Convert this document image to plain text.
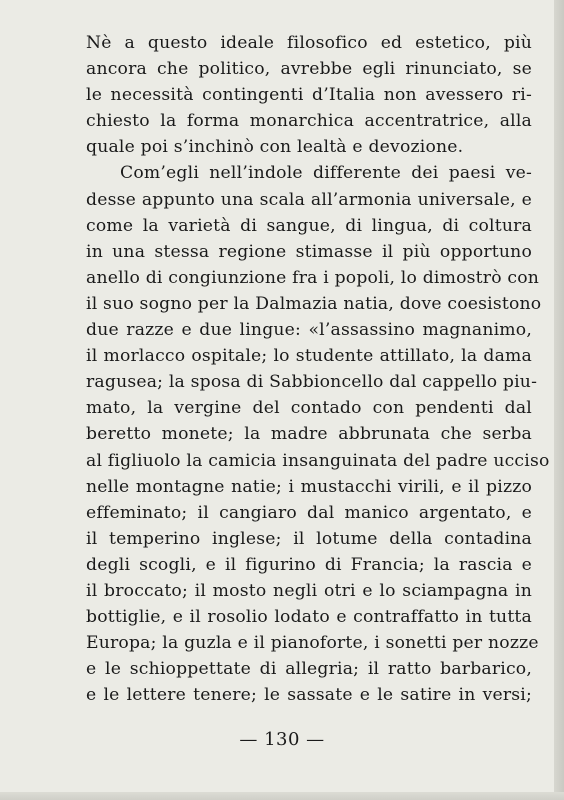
Nè a questo ideale filosofico ed estetico, più
ancora che politico, avrebbe egli rinunciato, se
le necessità contingenti d’Italia non avessero ri-
chiesto la forma monarchica accentratrice, alla
quale poi s’inchinò con lealtà e devozione.
Com’egli nell’indole differente dei paesi ve-
desse appunto una scala all’armonia universale, e
come la varietà di sangue, di lingua, di coltura
in una stessa regione stimasse il più opportuno
anello di congiunzione fra i popoli, lo dimostrò con
il suo sogno per la Dalmazia natia, dove coesistono
due razze e due lingue: «l’assassino magnanimo,
il morlacco ospitale; lo studente attillato, la dama
ragusea; la sposa di Sabbioncello dal cappello piu-
mato, la vergine del contado con pendenti dal
beretto monete; la madre abbrunata che serba
al figliuolo la camicia insanguinata del padre ucciso
nelle montagne natie; i mustacchi virili, e il pizzo
effeminato; il cangiaro dal manico argentato, e
il temperino inglese; il lotume della contadina
degli scogli, e il figurino di Francia; la rascia e
il broccato; il mosto negli otri e lo sciampagna in
bottiglie, e il rosolio lodato e contraffatto in tutta
Europa; la guzla e il pianoforte, i sonetti per nozze
e le schioppettate di allegria; il ratto barbarico,
e le lettere tenere; le sassate e le satire in versi;
— 130 —
